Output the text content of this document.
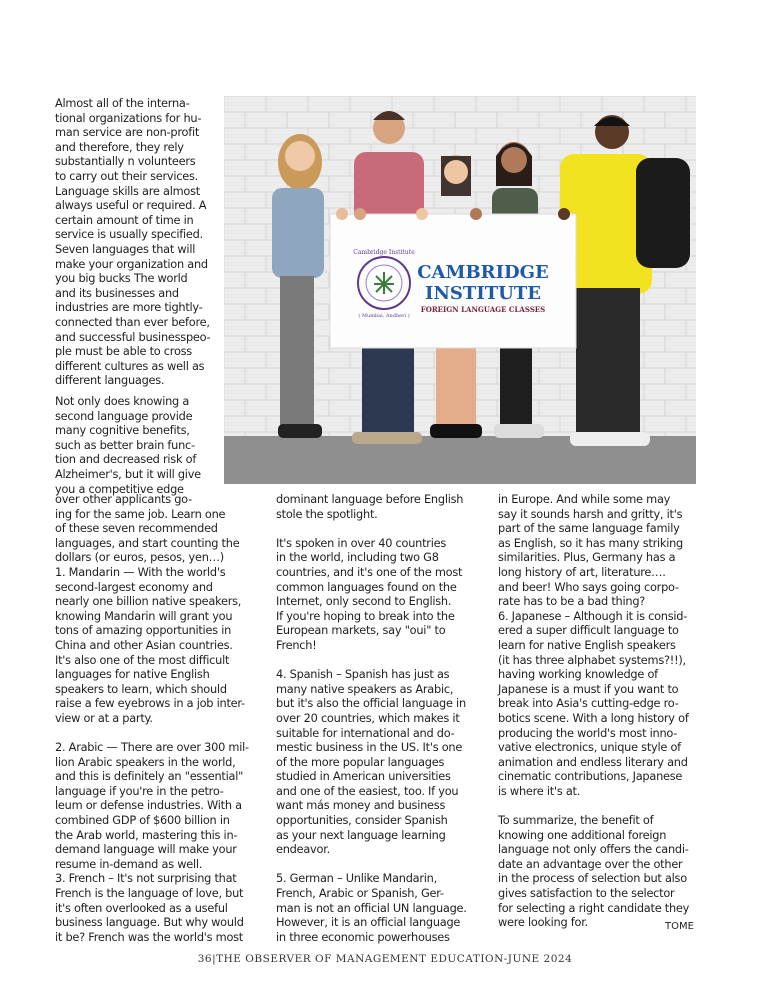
Almost all of the interna-
tional organizations for hu-
man service are non-profit
and therefore, they rely
substantially n volunteers
to carry out their services.
Language skills are almost
always useful or required. A
certain amount of time in
service is usually specified.
Seven languages that will
make your organization and
you big bucks The world
and its businesses and
industries are more tightly-
connected than ever before,
and successful businesspeo-
ple must be able to cross
different cultures as well as
different languages.
Not only does knowing a
second language provide
many cognitive benefits,
such as better brain func-
tion and decreased risk of
Alzheimer's, but it will give
you a competitive edge
over other applicants go-
ing for the same job. Learn one
of these seven recommended
languages, and start counting the
dollars (or euros, pesos, yen…)
1. Mandarin — With the world's
second-largest economy and
nearly one billion native speakers,
knowing Mandarin will grant you
tons of amazing opportunities in
China and other Asian countries.
It's also one of the most difficult
languages for native English
speakers to learn, which should
raise a few eyebrows in a job inter-
view or at a party.

2. Arabic — There are over 300 mil-
lion Arabic speakers in the world,
and this is definitely an "essential"
language if you're in the petro-
leum or defense industries. With a
combined GDP of $600 billion in
the Arab world, mastering this in-
demand language will make your
resume in-demand as well.
3. French – It's not surprising that
French is the language of love, but
it's often overlooked as a useful
business language. But why would
it be? French was the world's most
dominant language before English
stole the spotlight.

It's spoken in over 40 countries
in the world, including two G8
countries, and it's one of the most
common languages found on the
Internet, only second to English.
If you're hoping to break into the
European markets, say "oui" to
French!

4. Spanish – Spanish has just as
many native speakers as Arabic,
but it's also the official language in
over 20 countries, which makes it
suitable for international and do-
mestic business in the US. It's one
of the more popular languages
studied in American universities
and one of the easiest, too. If you
want más money and business
opportunities, consider Spanish
as your next language learning
endeavor.

5. German – Unlike Mandarin,
French, Arabic or Spanish, Ger-
man is not an official UN language.
However, it is an official language
in three economic powerhouses
in Europe. And while some may
say it sounds harsh and gritty, it's
part of the same language family
as English, so it has many striking
similarities. Plus, Germany has a
long history of art, literature….
and beer! Who says going corpo-
rate has to be a bad thing?
6. Japanese – Although it is consid-
ered a super difficult language to
learn for native English speakers
(it has three alphabet systems?!!),
having working knowledge of
Japanese is a must if you want to
break into Asia's cutting-edge ro-
botics scene. With a long history of
producing the world's most inno-
vative electronics, unique style of
animation and endless literary and
cinematic contributions, Japanese
is where it's at.

To summarize, the benefit of
knowing one additional foreign
language not only offers the candi-
date an advantage over the other
in the process of selection but also
gives satisfaction to the selector
for selecting a right candidate they
were looking for.	TOME
Cambridge Institute
( Mumbai, Andheri )
CAMBRIDGE
INSTITUTE
FOREIGN LANGUAGE CLASSES
36|THE OBSERVER OF MANAGEMENT EDUCATION-JUNE 2024
